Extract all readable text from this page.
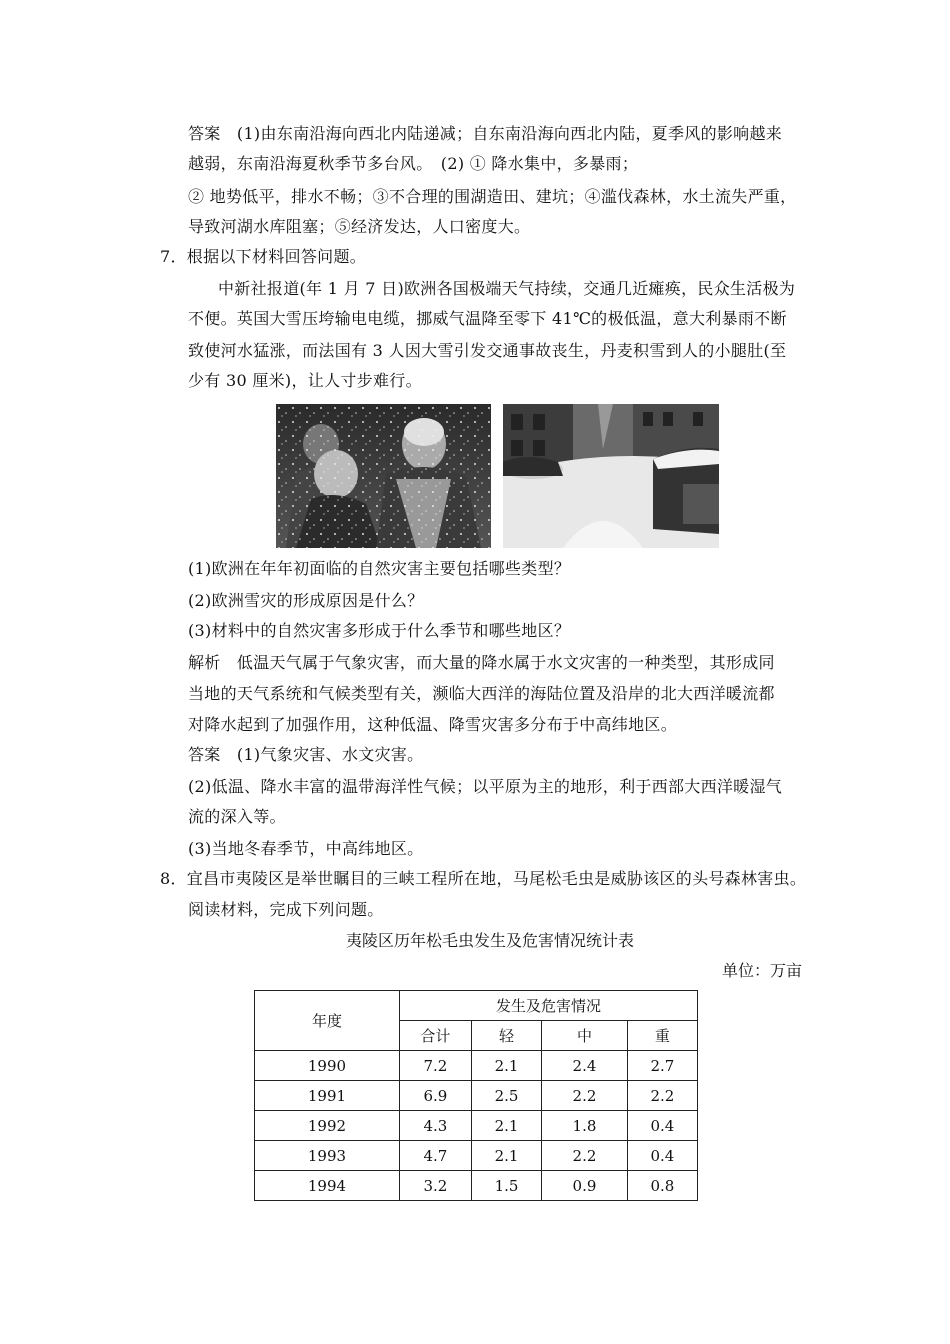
答案　(1)由东南沿海向西北内陆递减；自东南沿海向西北内陆，夏季风的影响越来
越弱，东南沿海夏秋季节多台风。　(2) ① 降水集中，多暴雨；
② 地势低平，排水不畅；③不合理的围湖造田、建坑；④滥伐森林，水土流失严重，
导致河湖水库阻塞；⑤经济发达，人口密度大。
7．根据以下材料回答问题。
中新社报道(年 1 月 7 日)欧洲各国极端天气持续，交通几近瘫痪，民众生活极为
不便。英国大雪压垮输电电缆，挪威气温降至零下 41℃的极低温，意大利暴雨不断
致使河水猛涨，而法国有 3 人因大雪引发交通事故丧生，丹麦积雪到人的小腿肚(至
少有 30 厘米)，让人寸步难行。
(1)欧洲在年年初面临的自然灾害主要包括哪些类型？
(2)欧洲雪灾的形成原因是什么？
(3)材料中的自然灾害多形成于什么季节和哪些地区？
解析　低温天气属于气象灾害，而大量的降水属于水文灾害的一种类型，其形成同
当地的天气系统和气候类型有关，濒临大西洋的海陆位置及沿岸的北大西洋暖流都
对降水起到了加强作用，这种低温、降雪灾害多分布于中高纬地区。
答案　(1)气象灾害、水文灾害。
(2)低温、降水丰富的温带海洋性气候；以平原为主的地形，利于西部大西洋暖湿气
流的深入等。
(3)当地冬春季节，中高纬地区。
8．宜昌市夷陵区是举世瞩目的三峡工程所在地，马尾松毛虫是威胁该区的头号森林害虫。
阅读材料，完成下列问题。
夷陵区历年松毛虫发生及危害情况统计表
单位：万亩
年度	发生及危害情况			
	合计	轻	中	重
1990	7.2	2.1	2.4	2.7
1991	6.9	2.5	2.2	2.2
1992	4.3	2.1	1.8	0.4
1993	4.7	2.1	2.2	0.4
1994	3.2	1.5	0.9	0.8
